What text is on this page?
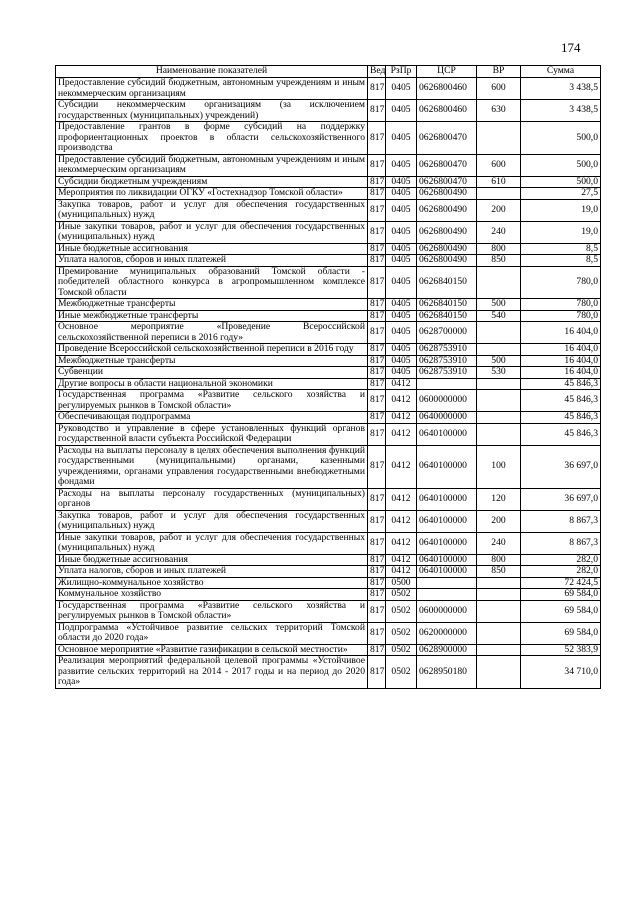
174
Наименование показателей	Вед	РзПр	ЦСР	ВР	Сумма
Предоставление субсидий бюджетным, автономным учреждениям и иным некоммерческим организациям	817	0405	0626800460	600	3 438,5
Субсидии некоммерческим организациям (за исключением государственных (муниципальных) учреждений)	817	0405	0626800460	630	3 438,5
Предоставление грантов в форме субсидий на поддержку профориентационных проектов в области сельскохозяйственного производства	817	0405	0626800470		500,0
Предоставление субсидий бюджетным, автономным учреждениям и иным некоммерческим организациям	817	0405	0626800470	600	500,0
Субсидии бюджетным учреждениям	817	0405	0626800470	610	500,0
Мероприятия по ликвидации ОГКУ «Гостехнадзор Томской области»	817	0405	0626800490		27,5
Закупка товаров, работ и услуг для обеспечения государственных (муниципальных) нужд	817	0405	0626800490	200	19,0
Иные закупки товаров, работ и услуг для обеспечения государственных (муниципальных) нужд	817	0405	0626800490	240	19,0
Иные бюджетные ассигнования	817	0405	0626800490	800	8,5
Уплата налогов, сборов и иных платежей	817	0405	0626800490	850	8,5
Премирование муниципальных образований Томской области - победителей областного конкурса в агропромышленном комплексе Томской области	817	0405	0626840150		780,0
Межбюджетные трансферты	817	0405	0626840150	500	780,0
Иные межбюджетные трансферты	817	0405	0626840150	540	780,0
Основное мероприятие «Проведение Всероссийской сельскохозяйственной переписи в 2016 году»	817	0405	0628700000		16 404,0
Проведение Всероссийской сельскохозяйственной переписи в 2016 году	817	0405	0628753910		16 404,0
Межбюджетные трансферты	817	0405	0628753910	500	16 404,0
Субвенции	817	0405	0628753910	530	16 404,0
Другие вопросы в области национальной экономики	817	0412			45 846,3
Государственная программа «Развитие сельского хозяйства и регулируемых рынков в Томской области»	817	0412	0600000000		45 846,3
Обеспечивающая подпрограмма	817	0412	0640000000		45 846,3
Руководство и управление в сфере установленных функций органов государственной власти субъекта Российской Федерации	817	0412	0640100000		45 846,3
Расходы на выплаты персоналу в целях обеспечения выполнения функций государственными (муниципальными) органами, казенными учреждениями, органами управления государственными внебюджетными фондами	817	0412	0640100000	100	36 697,0
Расходы на выплаты персоналу государственных (муниципальных) органов	817	0412	0640100000	120	36 697,0
Закупка товаров, работ и услуг для обеспечения государственных (муниципальных) нужд	817	0412	0640100000	200	8 867,3
Иные закупки товаров, работ и услуг для обеспечения государственных (муниципальных) нужд	817	0412	0640100000	240	8 867,3
Иные бюджетные ассигнования	817	0412	0640100000	800	282,0
Уплата налогов, сборов и иных платежей	817	0412	0640100000	850	282,0
Жилищно-коммунальное хозяйство	817	0500			72 424,5
Коммунальное хозяйство	817	0502			69 584,0
Государственная программа «Развитие сельского хозяйства и регулируемых рынков в Томской области»	817	0502	0600000000		69 584,0
Подпрограмма «Устойчивое развитие сельских территорий Томской области до 2020 года»	817	0502	0620000000		69 584,0
Основное мероприятие «Развитие газификации в сельской местности»	817	0502	0628900000		52 383,9
Реализация мероприятий федеральной целевой программы «Устойчивое развитие сельских территорий на 2014 - 2017 годы и на период до 2020 года»	817	0502	0628950180		34 710,0
